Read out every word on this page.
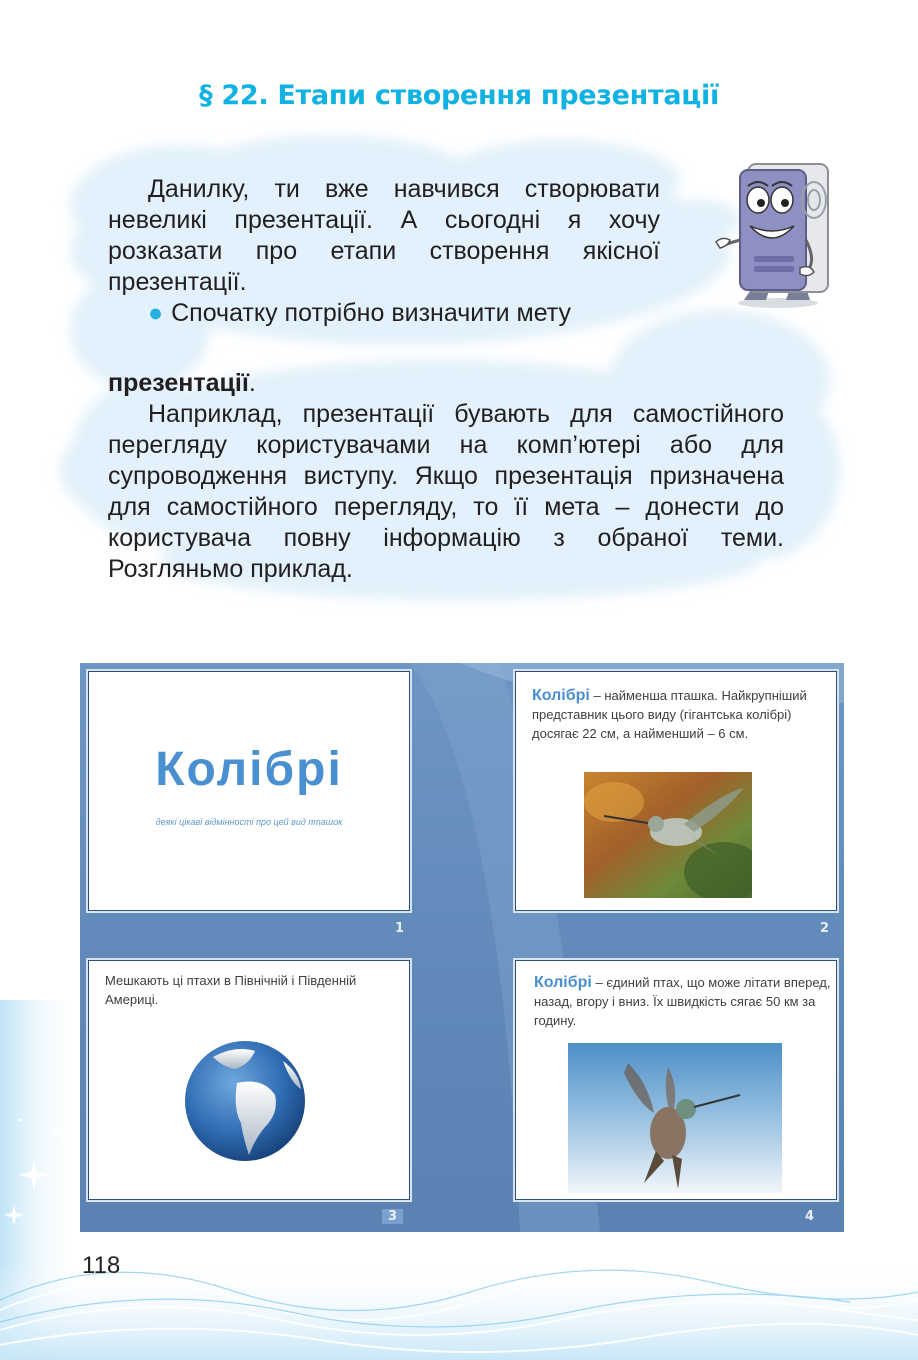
§ 22. Етапи створення презентації

Данилку, ти вже навчився створювати невеликі презентації. А сьогодні я хочу розказати про етапи створення якісної презентації.

● Спочатку потрібно визначити мету

презентації.

Наприклад, презентації бувають для самостійного перегляду користувачами на комп’ютері або для супроводження виступу. Якщо презентація призначена для самостійного перегляду, то її мета – донести до користувача повну інформацію з обраної теми. Розгляньмо приклад.

Колібрі
деякі цікаві відмінності про цей вид пташок
1
Колібрі – найменша пташка. Найкрупніший представник цього виду (гігантська колібрі) досягає 22 см, а найменший – 6 см.
2
Мешкають ці птахи в Північній і Південній Америці.
3
Колібрі – єдиний птах, що може літати вперед, назад, вгору і вниз. Їх швидкість сягає 50 км за годину.
4
118
